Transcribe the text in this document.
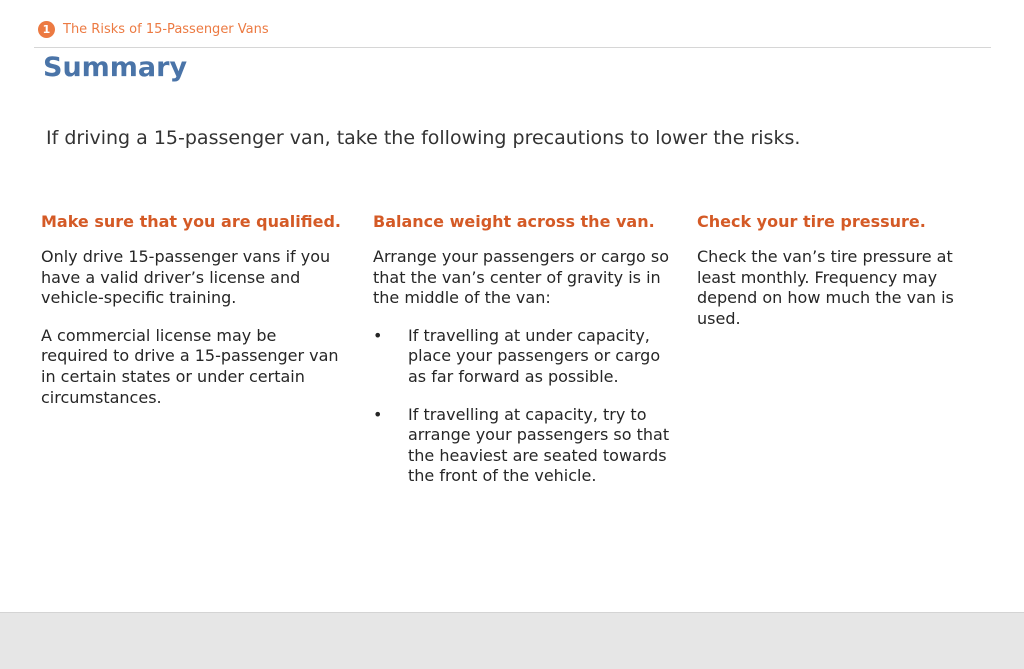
1 The Risks of 15-Passenger Vans
Summary

If driving a 15-passenger van, take the following precautions to lower the risks.

Make sure that you are qualified.

Only drive 15-passenger vans if you have a valid driver’s license and vehicle-specific training.

A commercial license may be required to drive a 15-passenger van in certain states or under certain circumstances.

Balance weight across the van.

Arrange your passengers or cargo so that the van’s center of gravity is in the middle of the van:

• If travelling at under capacity, place your passengers or cargo as far forward as possible.
• If travelling at capacity, try to arrange your passengers so that the heaviest are seated towards the front of the vehicle.
Check your tire pressure.

Check the van’s tire pressure at least monthly. Frequency may depend on how much the van is used.
